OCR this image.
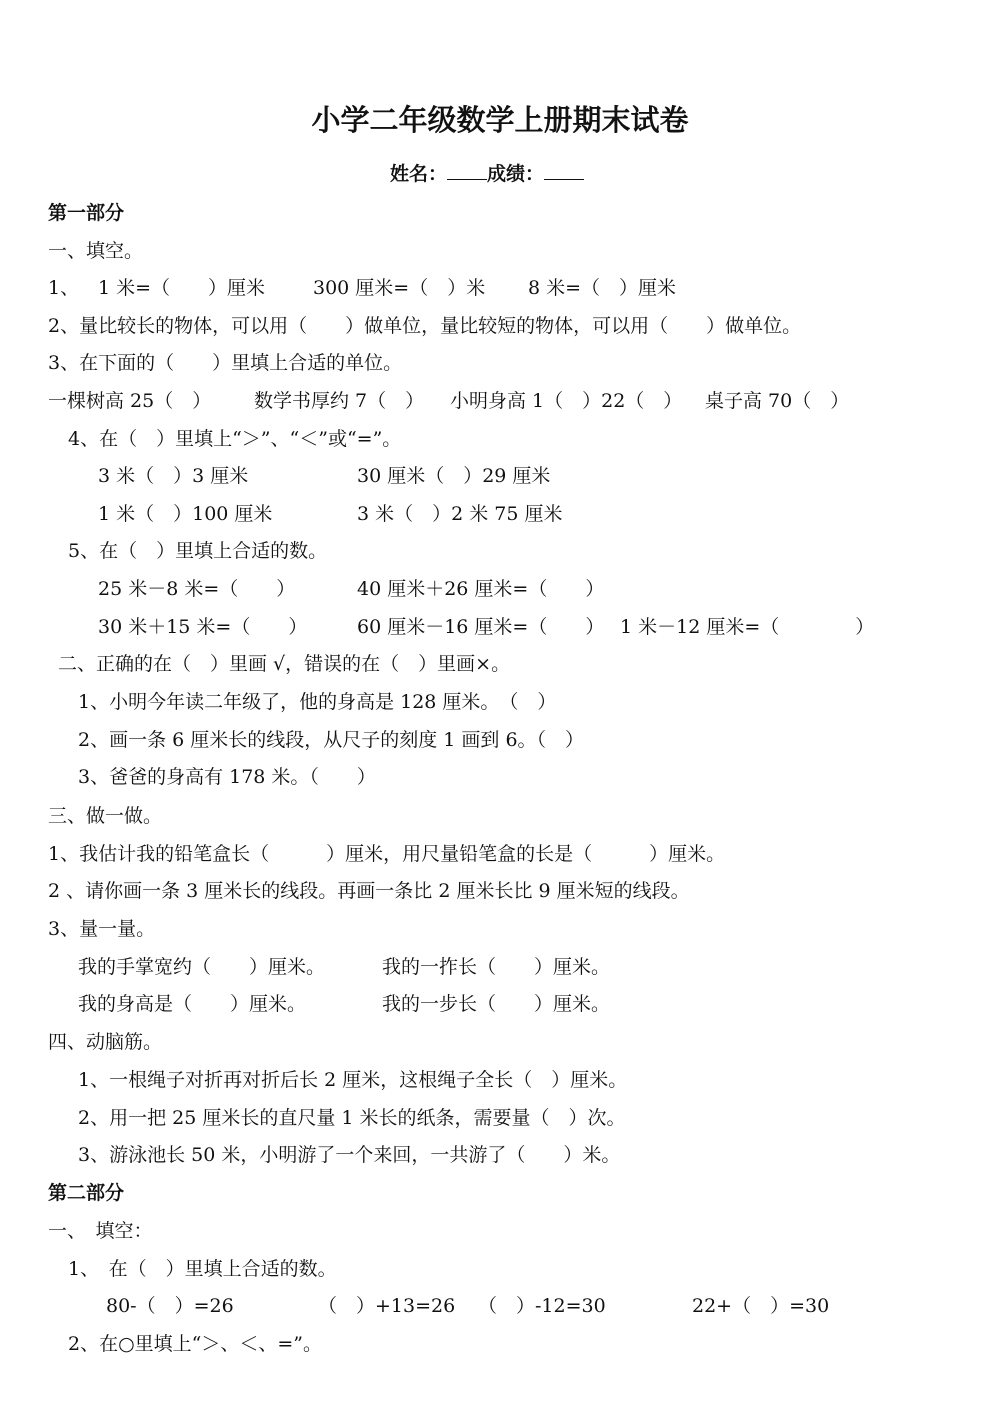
小学二年级数学上册期末试卷
姓名： 成绩：
第一部分
一、填空。
1、 1 米=（　　）厘米	300 厘米=（　）米 8 米=（　）厘米
2、量比较长的物体，可以用（　　）做单位，量比较短的物体，可以用（　　）做单位。
3、在下面的（　　）里填上合适的单位。
一棵树高 25（　） 数学书厚约 7（　） 小明身高 1（　）22（　） 桌子高 70（　）
4、在（　）里填上“＞”、“＜”或“=”。
3 米（　）3 厘米	30 厘米（　）29 厘米
1 米（　）100 厘米	3 米（　）2 米 75 厘米
5、在（　）里填上合适的数。
25 米－8 米=（　　）	40 厘米＋26 厘米=（　　）
30 米＋15 米=（　　）	60 厘米－16 厘米=（　　） 1 米－12 厘米=（　　　　）
二、正确的在（　）里画 √，错误的在（　）里画×。
1、小明今年读二年级了，他的身高是 128 厘米。　（　）
2、画一条 6 厘米长的线段，从尺子的刻度 1 画到 6。（　）
3、爸爸的身高有 178 米。（　　）
三、做一做。
1、我估计我的铅笔盒长（　　　）厘米，用尺量铅笔盒的长是（　　　）厘米。
2 、请你画一条 3 厘米长的线段。再画一条比 2 厘米长比 9 厘米短的线段。
3、量一量。
我的手掌宽约（　　）厘米。	我的一拃长（　　）厘米。
我的身高是（　　）厘米。	我的一步长（　　）厘米。
四、动脑筋。
1、一根绳子对折再对折后长 2 厘米，这根绳子全长（　）厘米。
2、用一把 25 厘米长的直尺量 1 米长的纸条，需要量（　）次。
3、游泳池长 50 米，小明游了一个来回，一共游了（　　）米。
第二部分
一、　填空：
1、　在（　）里填上合适的数。
80-（　）=26	（　）+13=26 （　）-12=30	22+（　）=30
2、在○里填上“＞、＜、=”。
